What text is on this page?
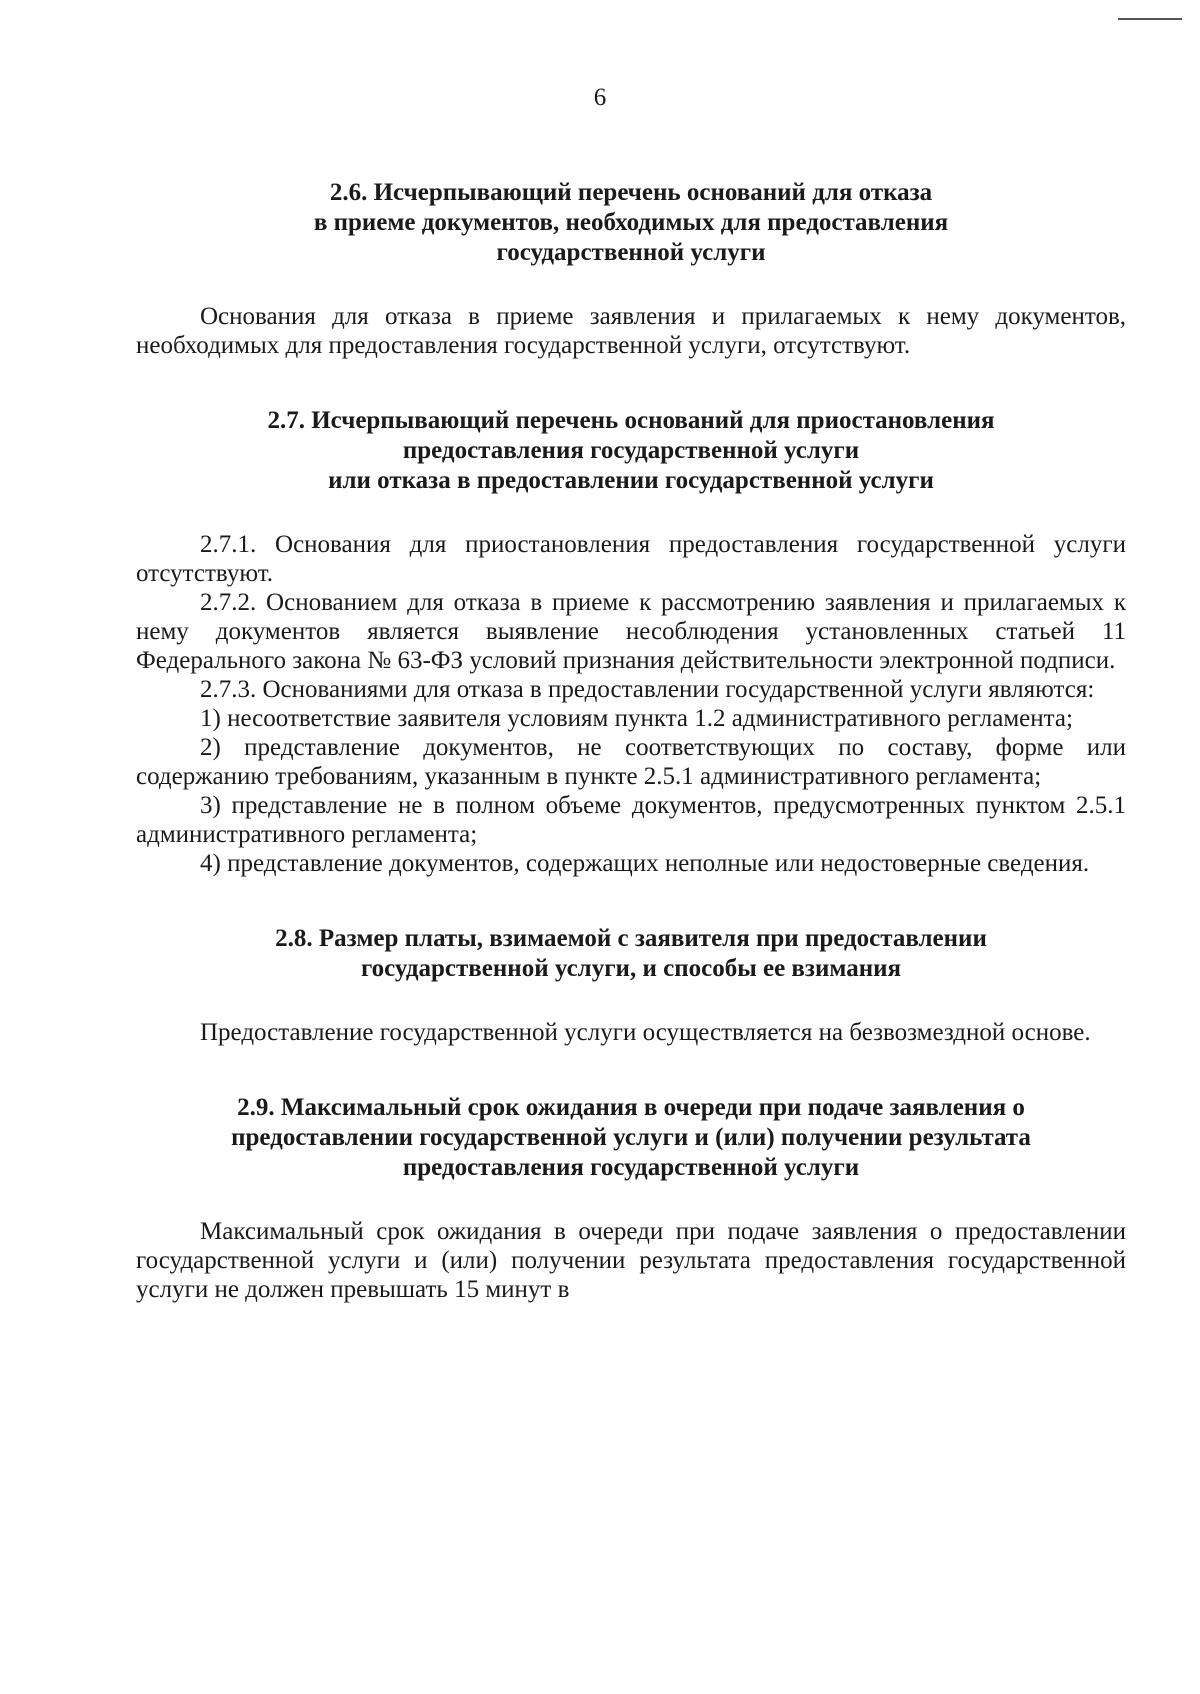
6
2.6. Исчерпывающий перечень оснований для отказа
в приеме документов, необходимых для предоставления
государственной услуги

Основания для отказа в приеме заявления и прилагаемых к нему документов, необходимых для предоставления государственной услуги, отсутствуют.

2.7. Исчерпывающий перечень оснований для приостановления
предоставления государственной услуги
или отказа в предоставлении государственной услуги

2.7.1. Основания для приостановления предоставления государственной услуги отсутствуют.

2.7.2. Основанием для отказа в приеме к рассмотрению заявления и прилагаемых к нему документов является выявление несоблюдения установленных статьей 11 Федерального закона № 63-ФЗ условий признания действительности электронной подписи.

2.7.3. Основаниями для отказа в предоставлении государственной услуги являются:

1) несоответствие заявителя условиям пункта 1.2 административного регламента;

2) представление документов, не соответствующих по составу, форме или содержанию требованиям, указанным в пункте 2.5.1 административного регламента;

3) представление не в полном объеме документов, предусмотренных пунктом 2.5.1 административного регламента;

4) представление документов, содержащих неполные или недостоверные сведения.

2.8. Размер платы, взимаемой с заявителя при предоставлении
государственной услуги, и способы ее взимания

Предоставление государственной услуги осуществляется на безвозмездной основе.

2.9. Максимальный срок ожидания в очереди при подаче заявления о
предоставлении государственной услуги и (или) получении результата
предоставления государственной услуги

Максимальный срок ожидания в очереди при подаче заявления о предоставлении государственной услуги и (или) получении результата предоставления государственной услуги не должен превышать 15 минут в
